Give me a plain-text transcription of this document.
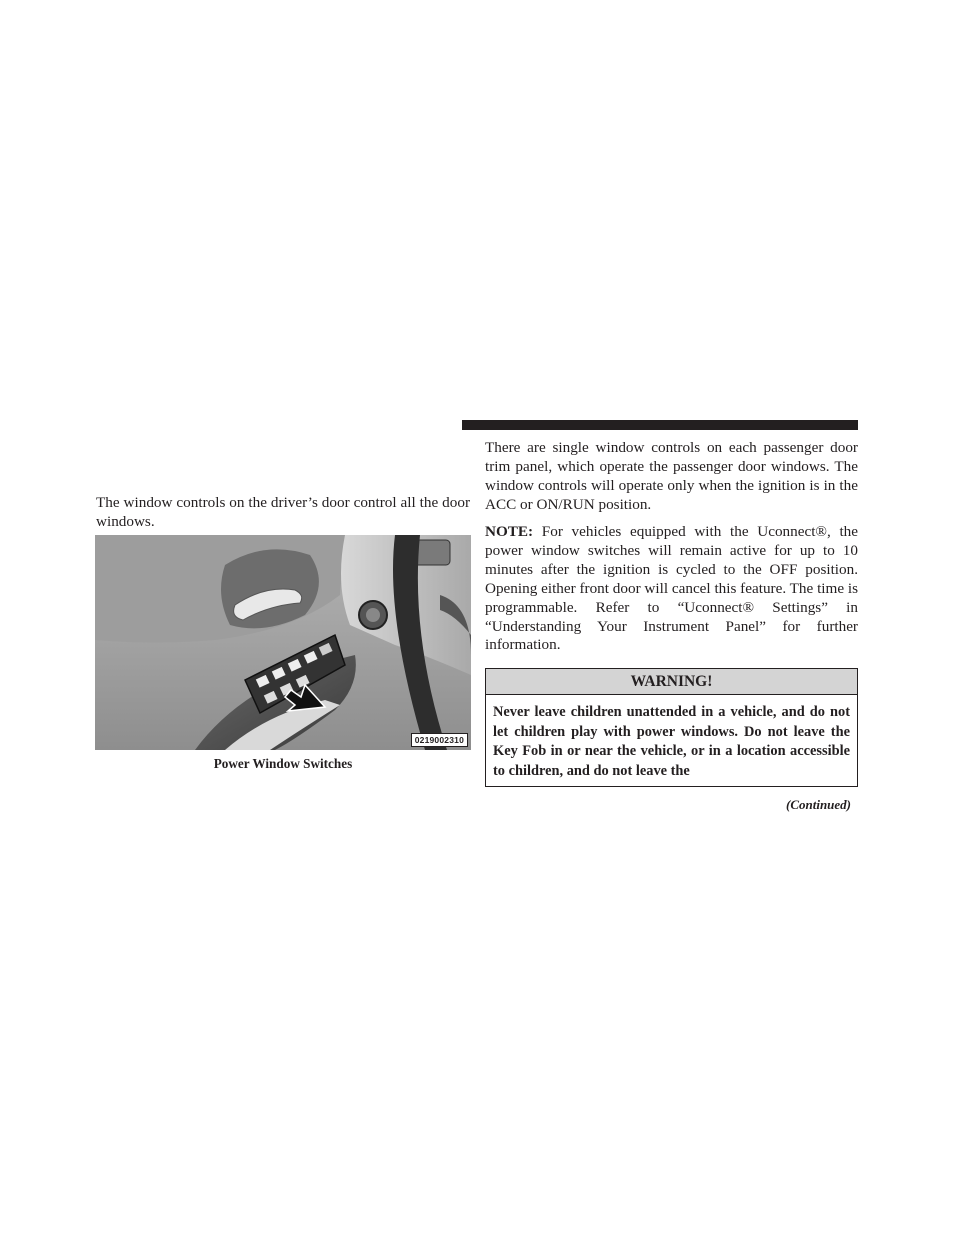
The window controls on the driver’s door control all the door windows.

0219002310
Power Window Switches

There are single window controls on each passenger door trim panel, which operate the passenger door windows. The window controls will operate only when the ignition is in the ACC or ON/RUN position.

NOTE: For vehicles equipped with the Uconnect®, the power window switches will remain active for up to 10 minutes after the ignition is cycled to the OFF position. Opening either front door will cancel this feature. The time is programmable. Refer to “Uconnect® Settings” in “Understanding Your Instrument Panel” for further information.

WARNING!

Never leave children unattended in a vehicle, and do not let children play with power windows. Do not leave the Key Fob in or near the vehicle, or in a location accessible to children, and do not leave the

(Continued)
